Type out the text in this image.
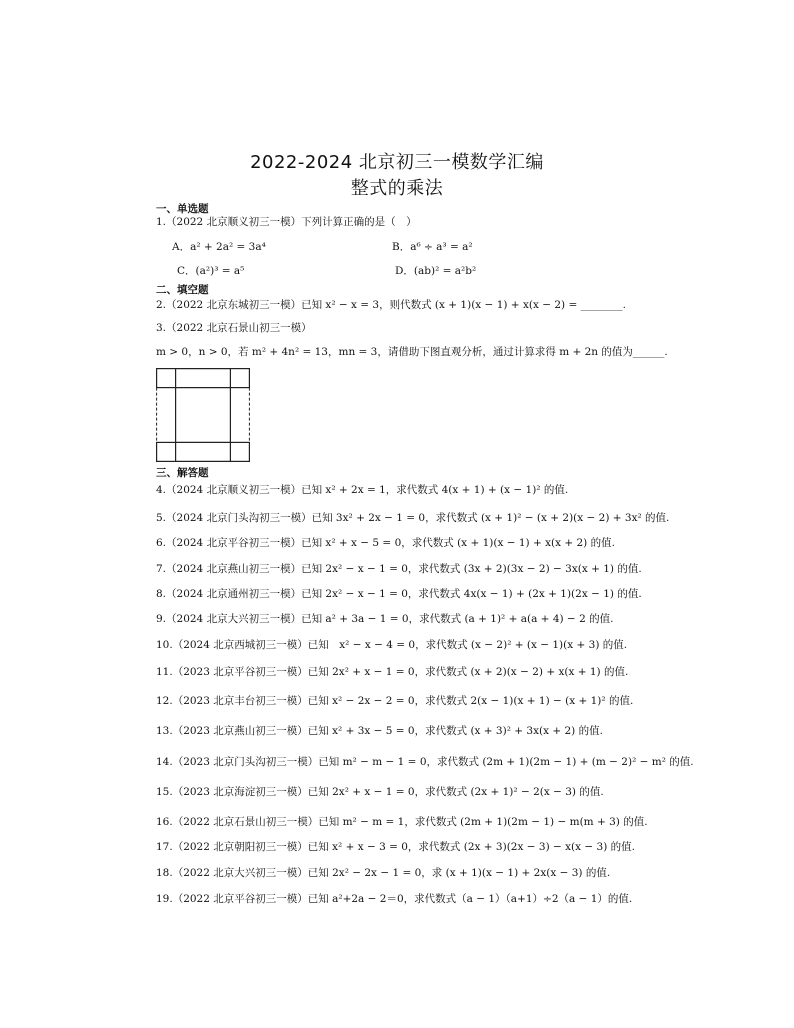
2022-2024 北京初三一模数学汇编
整式的乘法
一、单选题
1.（2022 北京顺义初三一模）下列计算正确的是（　）
A．a² + 2a² = 3a⁴	B．a⁶ ÷ a³ = a²
C．(a²)³ = a⁵	D．(ab)² = a²b²
二、填空题
2.（2022 北京东城初三一模）已知 x² − x = 3，则代数式 (x + 1)(x − 1) + x(x − 2) = ________.
3.（2022 北京石景山初三一模）
m > 0，n > 0，若 m² + 4n² = 13，mn = 3，请借助下图直观分析，通过计算求得 m + 2n 的值为______.
三、解答题
4.（2024 北京顺义初三一模）已知 x² + 2x = 1，求代数式 4(x + 1) + (x − 1)² 的值.
5.（2024 北京门头沟初三一模）已知 3x² + 2x − 1 = 0，求代数式 (x + 1)² − (x + 2)(x − 2) + 3x² 的值.
6.（2024 北京平谷初三一模）已知 x² + x − 5 = 0，求代数式 (x + 1)(x − 1) + x(x + 2) 的值.
7.（2024 北京燕山初三一模）已知 2x² − x − 1 = 0，求代数式 (3x + 2)(3x − 2) − 3x(x + 1) 的值.
8.（2024 北京通州初三一模）已知 2x² − x − 1 = 0，求代数式 4x(x − 1) + (2x + 1)(2x − 1) 的值.
9.（2024 北京大兴初三一模）已知 a² + 3a − 1 = 0，求代数式 (a + 1)² + a(a + 4) − 2 的值.
10.（2024 北京西城初三一模）已知　x² − x − 4 = 0，求代数式 (x − 2)² + (x − 1)(x + 3) 的值.
11.（2023 北京平谷初三一模）已知 2x² + x − 1 = 0，求代数式 (x + 2)(x − 2) + x(x + 1) 的值.
12.（2023 北京丰台初三一模）已知 x² − 2x − 2 = 0，求代数式 2(x − 1)(x + 1) − (x + 1)² 的值.
13.（2023 北京燕山初三一模）已知 x² + 3x − 5 = 0，求代数式 (x + 3)² + 3x(x + 2) 的值.
14.（2023 北京门头沟初三一模）已知 m² − m − 1 = 0，求代数式 (2m + 1)(2m − 1) + (m − 2)² − m² 的值.
15.（2023 北京海淀初三一模）已知 2x² + x − 1 = 0，求代数式 (2x + 1)² − 2(x − 3) 的值.
16.（2022 北京石景山初三一模）已知 m² − m = 1，求代数式 (2m + 1)(2m − 1) − m(m + 3) 的值.
17.（2022 北京朝阳初三一模）已知 x² + x − 3 = 0，求代数式 (2x + 3)(2x − 3) − x(x − 3) 的值.
18.（2022 北京大兴初三一模）已知 2x² − 2x − 1 = 0，求 (x + 1)(x − 1) + 2x(x − 3) 的值.
19.（2022 北京平谷初三一模）已知 a²+2a − 2＝0，求代数式（a − 1）（a+1）÷2（a − 1）的值.
